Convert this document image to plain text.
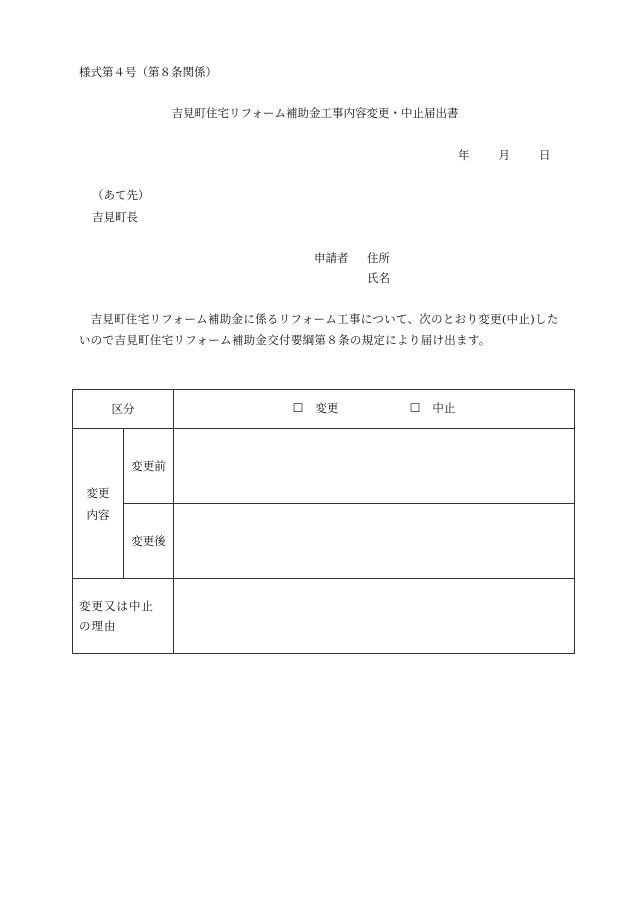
様式第４号（第８条関係）

吉見町住宅リフォーム補助金工事内容変更・中止届出書

年	月	日

（あて先）

吉見町長

申請者 住所

氏名

吉見町住宅リフォーム補助金に係るリフォーム工事について、次のとおり変更(中止)したいので吉見町住宅リフォーム補助金交付要綱第８条の規定により届け出ます。

区分		☐ 変更 ☐ 中止
変更
内容	変更前	
	変更後	
変更又は中止
の理由		
